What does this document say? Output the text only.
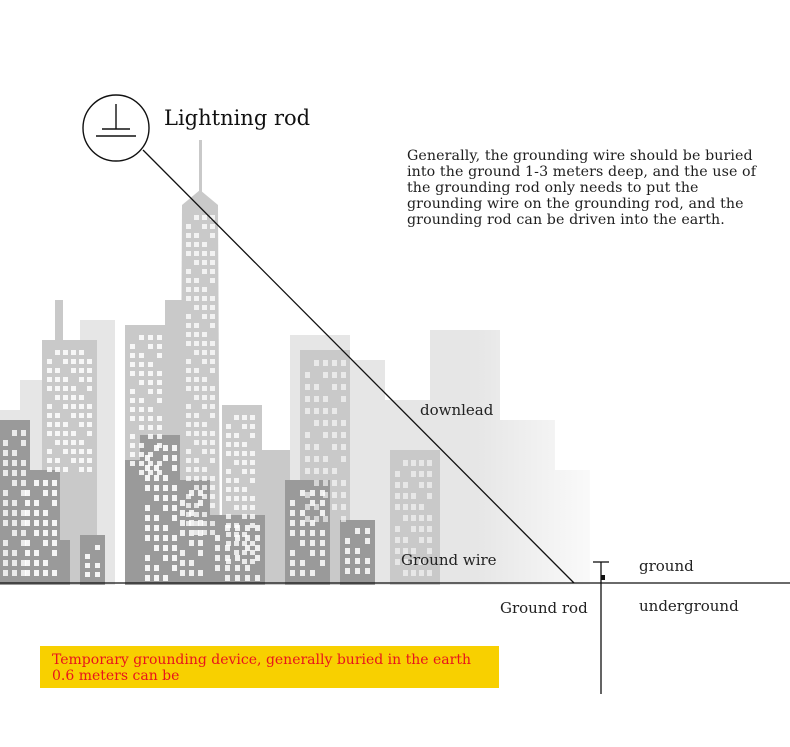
Lightning rod
Generally, the grounding wire should be buried into the ground 1-3 meters deep, and the use of the grounding rod only needs to put the grounding wire on the grounding rod, and the grounding rod can be driven into the earth.
downlead
Ground wire	ground
underground
Ground rod
Temporary grounding device, generally buried in the earth 0.6 meters can be
